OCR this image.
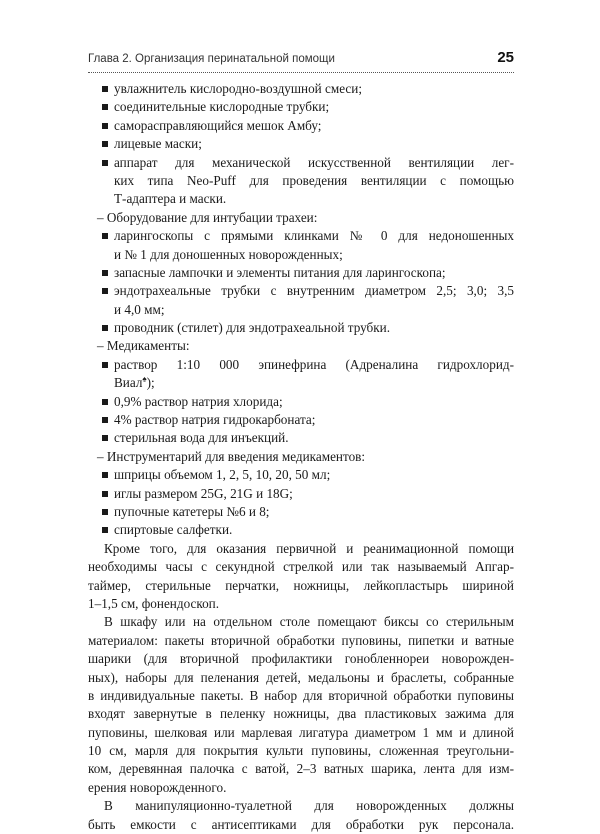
Глава 2. Организация перинатальной помощи	25
увлажнитель кислородно-воздушной смеси;
соединительные кислородные трубки;
саморасправляющийся мешок Амбу;
лицевые маски;
аппарат для механической искусственной вентиляции лег-
ких типа Neo-Puff для проведения вентиляции с помощью
Т-адаптера и маски.
– Оборудование для интубации трахеи:
ларингоскопы с прямыми клинками № 0 для недоношенных
и № 1 для доношенных новорожденных;
запасные лампочки и элементы питания для ларингоскопа;
эндотрахеальные трубки с внутренним диаметром 2,5; 3,0; 3,5
и 4,0 мм;
проводник (стилет) для эндотрахеальной трубки.
– Медикаменты:
раствор 1:10 000 эпинефрина (Адреналина гидрохлорид-
Виал♠);
0,9% раствор натрия хлорида;
4% раствор натрия гидрокарбоната;
стерильная вода для инъекций.
– Инструментарий для введения медикаментов:
шприцы объемом 1, 2, 5, 10, 20, 50 мл;
иглы размером 25G, 21G и 18G;
пупочные катетеры №6 и 8;
спиртовые салфетки.
Кроме того, для оказания первичной и реанимационной помощи
необходимы часы с секундной стрелкой или так называемый Апгар-
таймер, стерильные перчатки, ножницы, лейкопластырь шириной
1–1,5 см, фонендоскоп.
В шкафу или на отдельном столе помещают биксы со стерильным
материалом: пакеты вторичной обработки пуповины, пипетки и ватные
шарики (для вторичной профилактики гонобленнореи новорожден-
ных), наборы для пеленания детей, медальоны и браслеты, собранные
в индивидуальные пакеты. В набор для вторичной обработки пуповины
входят завернутые в пеленку ножницы, два пластиковых зажима для
пуповины, шелковая или марлевая лигатура диаметром 1 мм и длиной
10 см, марля для покрытия культи пуповины, сложенная треугольни-
ком, деревянная палочка с ватой, 2–3 ватных шарика, лента для изм-
ерения новорожденного.
В манипуляционно-туалетной для новорожденных должны
быть емкости с антисептиками для обработки рук персонала.
